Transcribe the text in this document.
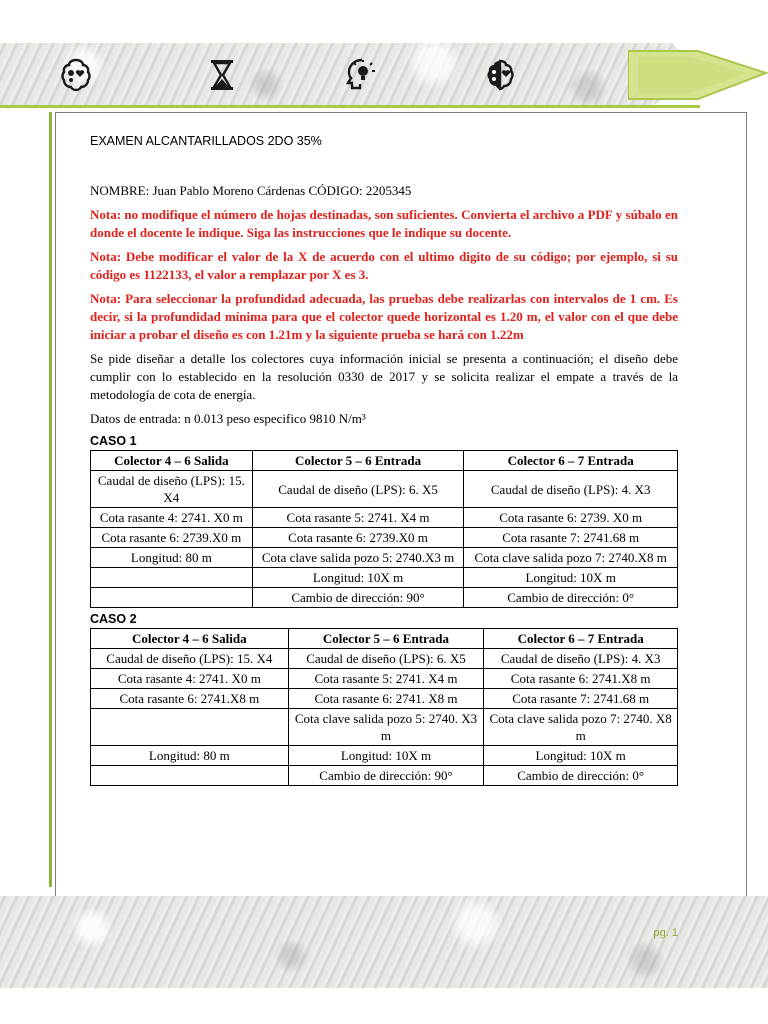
EXAMEN ALCANTARILLADOS 2DO 35%

NOMBRE: Juan Pablo Moreno Cárdenas CÓDIGO: 2205345

Nota: no modifique el número de hojas destinadas, son suficientes. Convierta el archivo a PDF y súbalo en donde el docente le indique. Siga las instrucciones que le indique su docente.

Nota: Debe modificar el valor de la X de acuerdo con el ultimo digito de su código; por ejemplo, si su código es 1122133, el valor a remplazar por X es 3.

Nota: Para seleccionar la profundidad adecuada, las pruebas debe realizarlas con intervalos de 1 cm. Es decir, si la profundidad mínima para que el colector quede horizontal es 1.20 m, el valor con el que debe iniciar a probar el diseño es con 1.21m y la siguiente prueba se hará con 1.22m

Se pide diseñar a detalle los colectores cuya información inicial se presenta a continuación; el diseño debe cumplir con lo establecido en la resolución 0330 de 2017 y se solicita realizar el empate a través de la metodología de cota de energía.

Datos de entrada: n 0.013 peso especifico 9810 N/m³

CASO 1
Colector 4 – 6 Salida	Colector 5 – 6 Entrada	Colector 6 – 7 Entrada
Caudal de diseño (LPS): 15. X4	Caudal de diseño (LPS): 6. X5	Caudal de diseño (LPS): 4. X3
Cota rasante 4: 2741. X0 m	Cota rasante 5: 2741. X4 m	Cota rasante 6: 2739. X0 m
Cota rasante 6: 2739.X0 m	Cota rasante 6: 2739.X0 m	Cota rasante 7: 2741.68 m
Longitud: 80 m	Cota clave salida pozo 5: 2740.X3 m	Cota clave salida pozo 7: 2740.X8 m
	Longitud: 10X m	Longitud: 10X m
	Cambio de dirección: 90°	Cambio de dirección: 0°
CASO 2
Colector 4 – 6 Salida	Colector 5 – 6 Entrada	Colector 6 – 7 Entrada
Caudal de diseño (LPS): 15. X4	Caudal de diseño (LPS): 6. X5	Caudal de diseño (LPS): 4. X3
Cota rasante 4: 2741. X0 m	Cota rasante 5: 2741. X4 m	Cota rasante 6: 2741.X8 m
Cota rasante 6: 2741.X8 m	Cota rasante 6: 2741. X8 m	Cota rasante 7: 2741.68 m
	Cota clave salida pozo 5: 2740. X3 m	Cota clave salida pozo 7: 2740. X8 m
Longitud: 80 m	Longitud: 10X m	Longitud: 10X m
	Cambio de dirección: 90°	Cambio de dirección: 0°
pg. 1
